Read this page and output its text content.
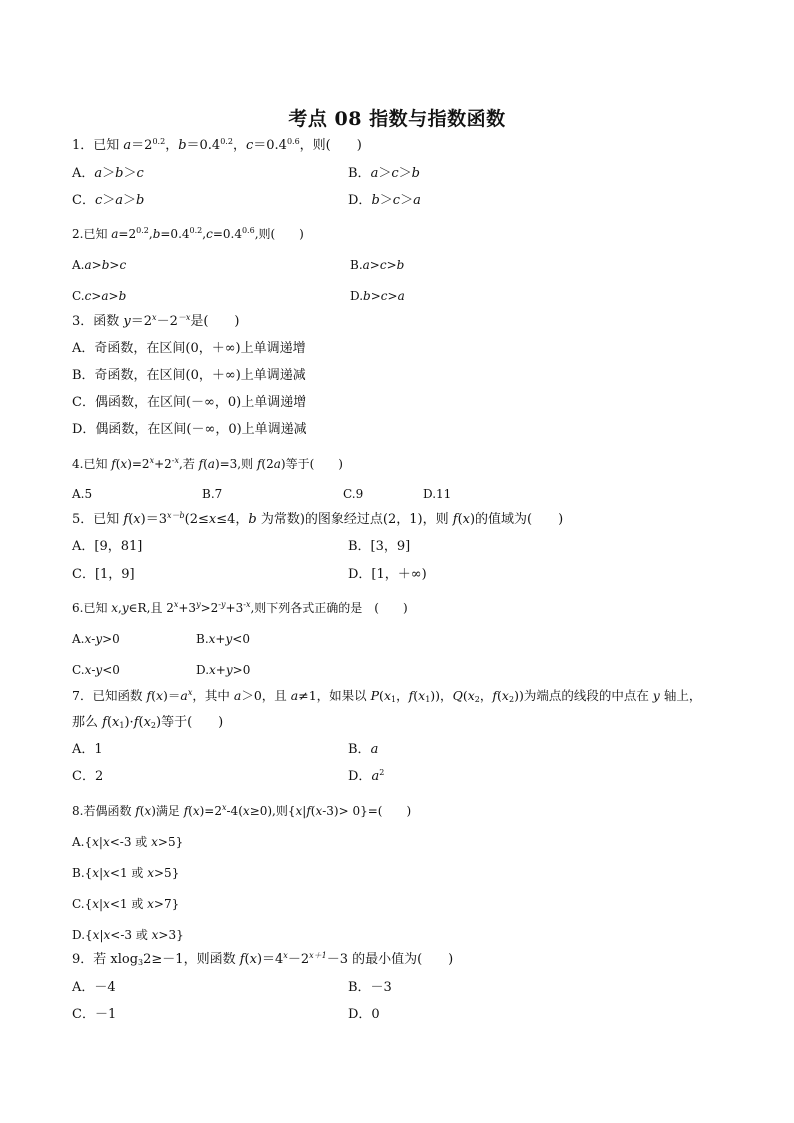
考点 08 指数与指数函数
1．已知 $a=2^{0.2}$，$b=0.4^{0.2}$，$c=0.4^{0.6}$，则(　　)
A．a＞b＞c	B．a＞c＞b
C．c＞a＞b	D．b＞c＞a
2.已知 $a=2^{0.2},b=0.4^{0.2},c=0.4^{0.6}$,则(　　)
A.a>b>c	B.a>c>b
C.c>a>b	D.b>c>a
3．函数 $y=2^x-2^{-x}$是(　　)
A．奇函数，在区间(0，＋∞)上单调递增
B．奇函数，在区间(0，＋∞)上单调递减
C．偶函数，在区间(－∞，0)上单调递增
D．偶函数，在区间(－∞，0)上单调递减
4.已知 $f(x)=2^x+2^{-x}$,若 f(a)=3,则 f(2a)等于(　　)
A.5	B.7	C.9	D.11
5．已知 $f(x)=3^{x-b}(2\le x\le 4$，b 为常数)的图象经过点(2，1)，则 f(x)的值域为(　　)
A．[9，81]	B．[3，9]
C．[1，9]	D．[1，＋∞)
6.已知 x,y∈R,且 $2^x+3^y>2^{-y}+3^{-x}$,则下列各式正确的是　(　　)
A.x-y>0	B.x+y<0
C.x-y<0	D.x+y>0
7．已知函数 $f(x)=a^x$，其中 a＞0，且 a≠1，如果以 $P(x_1$，$f(x_1)$)，$Q(x_2$，$f(x_2)$)为端点的线段的中点在 y 轴上，
那么 $f(x_1)\cdot f(x_2)$等于(　　)
A．1	B．a
C．2	D．$a^2$
8.若偶函数 f(x)满足 $f(x)=2^x-4(x\ge 0)$,则{x|f(x-3)> 0}=(　　)
A.{x|x<-3 或 x>5}
B.{x|x<1 或 x>5}
C.{x|x<1 或 x>7}
D.{x|x<-3 或 x>3}
9．若 xlog$_3$2≥－1，则函数 $f(x)=4^x-2^{x+1}-3$ 的最小值为(　　)
A．－4	B．－3
C．－1	D．0
